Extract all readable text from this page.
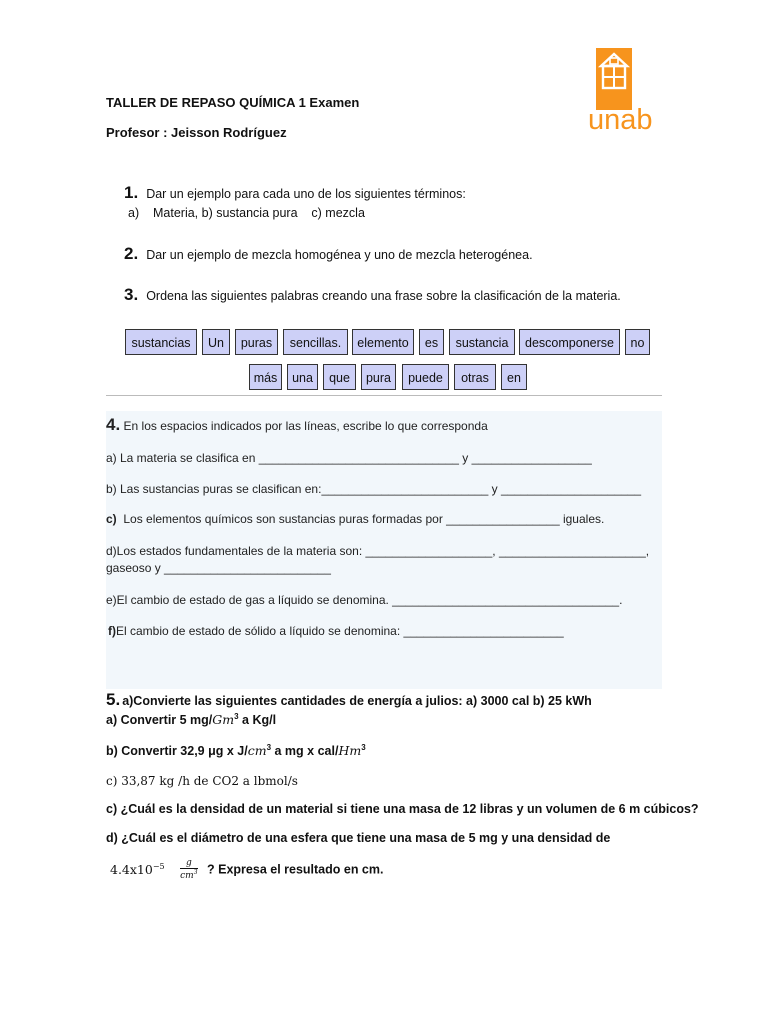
TALLER DE REPASO QUÍMICA 1 Examen
Profesor : Jeisson Rodríguez	unab
1. Dar un ejemplo para cada uno de los siguientes términos:
a)    Materia, b) sustancia pura    c) mezcla
2. Dar un ejemplo de mezcla homogénea y uno de mezcla heterogénea.
3. Ordena las siguientes palabras creando una frase sobre la clasificación de la materia.
sustancias	Un	puras	sencillas.	elemento	es	sustancia	descomponerse	no
más	una	que	pura	puede	otras	en
4. En los espacios indicados por las líneas, escribe lo que corresponda
a) La materia se clasifica en ______________________________ y __________________
b) Las sustancias puras se clasifican en:_________________________ y _____________________
c) Los elementos químicos son sustancias puras formadas por _________________ iguales.
d)Los estados fundamentales de la materia son: ___________________, ______________________,
gaseoso y _________________________
e)El cambio de estado de gas a líquido se denomina. __________________________________.
f)El cambio de estado de sólido a líquido se denomina: ________________________
5. a)Convierte las siguientes cantidades de energía a julios: a) 3000 cal b) 25 kWh
a) Convertir 5 mg/Gm$^3$ a Kg/l
b) Convertir 32,9 μg x $J/cm^3$ a mg x cal/Hm$^3$
c) 33,87 kg /h de CO2 a lbmol/s
c) ¿Cuál es la densidad de un material si tiene una masa de 12 libras y un volumen de 6 m cúbicos?
d) ¿Cuál es el diámetro de una esfera que tiene una masa de 5 mg y una densidad de
$4.4x10^{-5} \frac{g}{cm^3}$ ? Expresa el resultado en cm.
